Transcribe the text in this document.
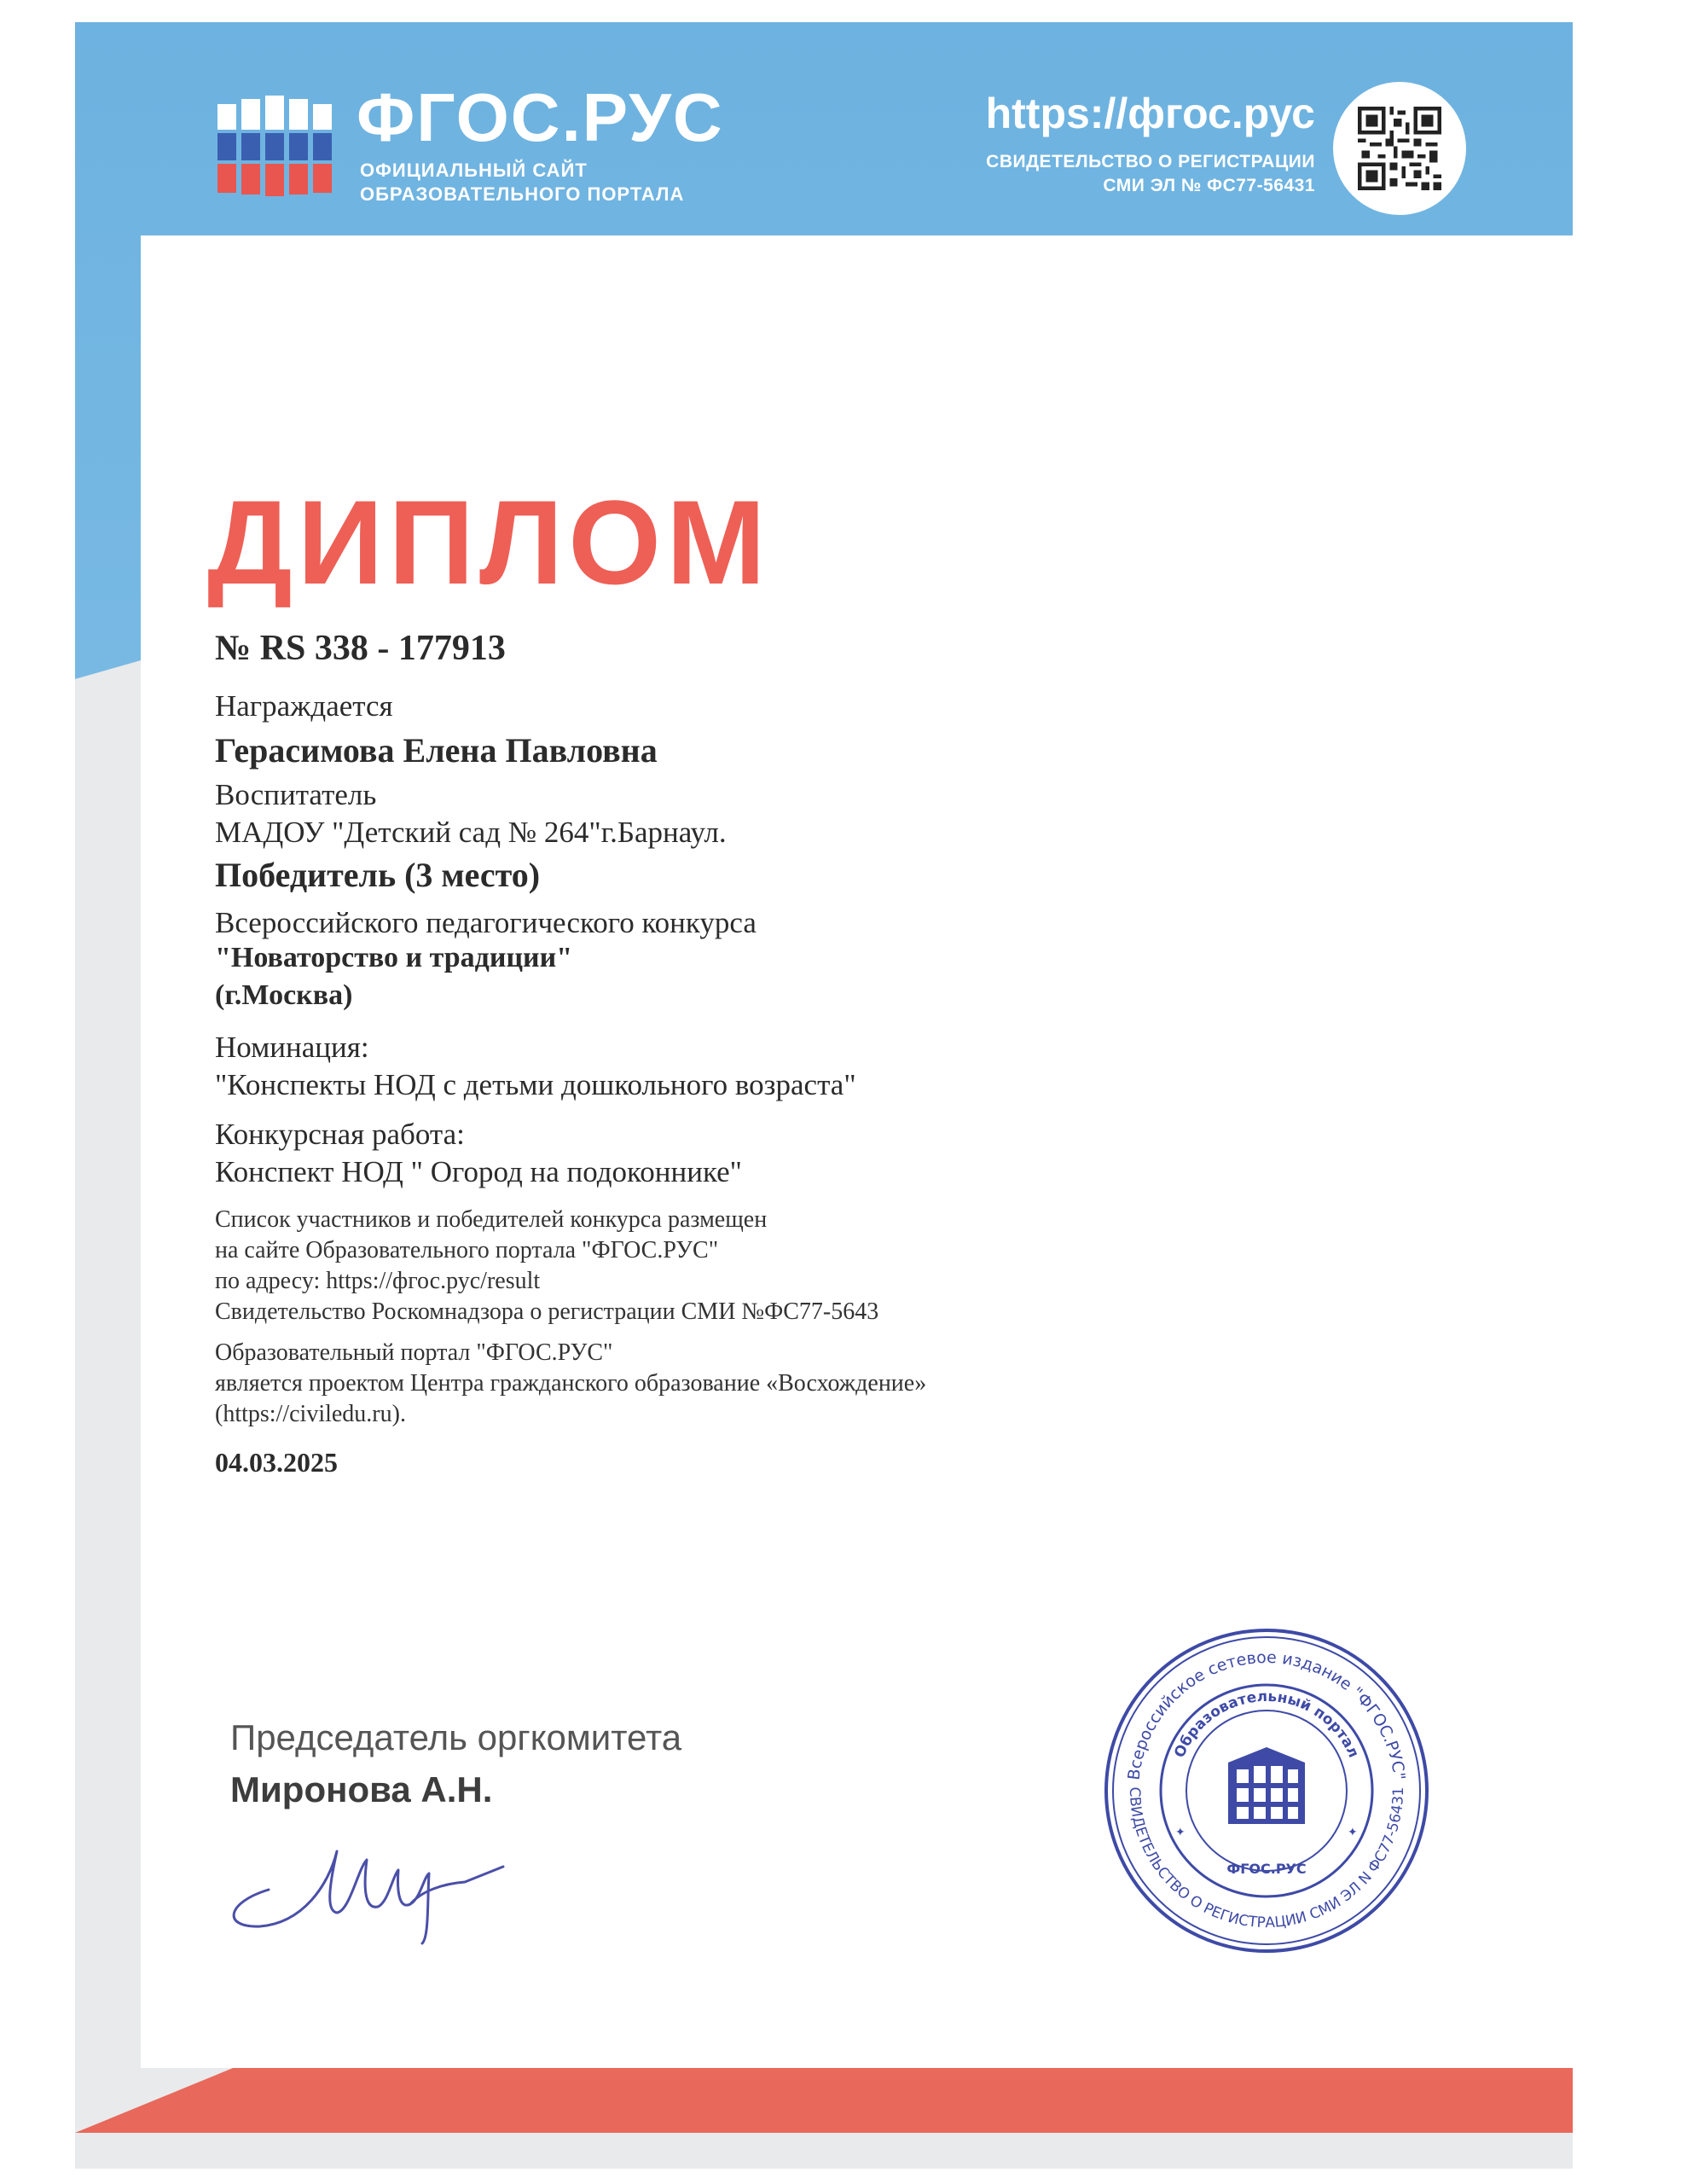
ФГОС.РУС
ОФИЦИАЛЬНЫЙ САЙТ
ОБРАЗОВАТЕЛЬНОГО ПОРТАЛА
https://фгос.рус
СВИДЕТЕЛЬСТВО О РЕГИСТРАЦИИ
СМИ ЭЛ № ФС77-56431
ДИПЛОМ
№ RS 338 - 177913
Награждается
Герасимова Елена Павловна
Воспитатель
МАДОУ "Детский сад № 264"г.Барнаул.
Победитель (3 место)
Всероссийского педагогического конкурса
"Новаторство и традиции"
(г.Москва)
Номинация:
"Конспекты НОД с детьми дошкольного возраста"
Конкурсная работа:
Конспект НОД " Огород на подоконнике"
Список участников и победителей конкурса размещен
на сайте Образовательного портала "ФГОС.РУС"
по адресу: https://фгос.рус/result
Свидетельство Роскомнадзора о регистрации СМИ №ФС77-5643
Образовательный портал "ФГОС.РУС"
является проектом Центра гражданского образование «Восхождение»
(https://civiledu.ru).
04.03.2025
Председатель оргкомитета
Миронова А.Н.	Всероссийское сетевое издание "ФГОС.РУС"
СВИДЕТЕЛЬСТВО О РЕГИСТРАЦИИ СМИ ЭЛ N ФС77-56431
Образовательный портал
ФГОС.РУС
✦	✦
